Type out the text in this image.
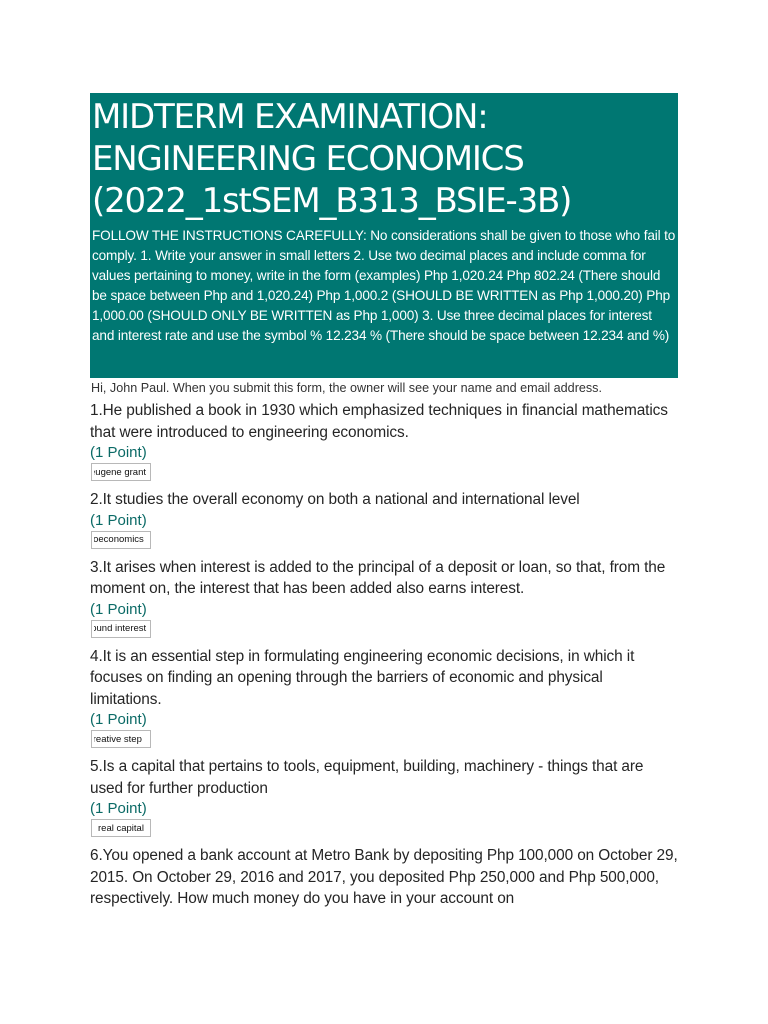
MIDTERM EXAMINATION: ENGINEERING ECONOMICS (2022_1stSEM_B313_BSIE-3B)

FOLLOW THE INSTRUCTIONS CAREFULLY: No considerations shall be given to those who fail to comply. 1. Write your answer in small letters 2. Use two decimal places and include comma for values pertaining to money, write in the form (examples) Php 1,020.24 Php 802.24 (There should be space between Php and 1,020.24) Php 1,000.2 (SHOULD BE WRITTEN as Php 1,000.20) Php 1,000.00 (SHOULD ONLY BE WRITTEN as Php 1,000) 3. Use three decimal places for interest and interest rate and use the symbol % 12.234 % (There should be space between 12.234 and %)

Hi, John Paul. When you submit this form, the owner will see your name and email address.

1.He published a book in 1930 which emphasized techniques in financial mathematics that were introduced to engineering economics.

(1 Point)
eugene grant

2.It studies the overall economy on both a national and international level

(1 Point)
macroeconomics

3.It arises when interest is added to the principal of a deposit or loan, so that, from the moment on, the interest that has been added also earns interest.

(1 Point)
compound interest

4.It is an essential step in formulating engineering economic decisions, in which it focuses on finding an opening through the barriers of economic and physical limitations.

(1 Point)
creative step

5.Is a capital that pertains to tools, equipment, building, machinery - things that are used for further production

(1 Point)
real capital

6.You opened a bank account at Metro Bank by depositing Php 100,000 on October 29, 2015. On October 29, 2016 and 2017, you deposited Php 250,000 and Php 500,000, respectively. How much money do you have in your account on
